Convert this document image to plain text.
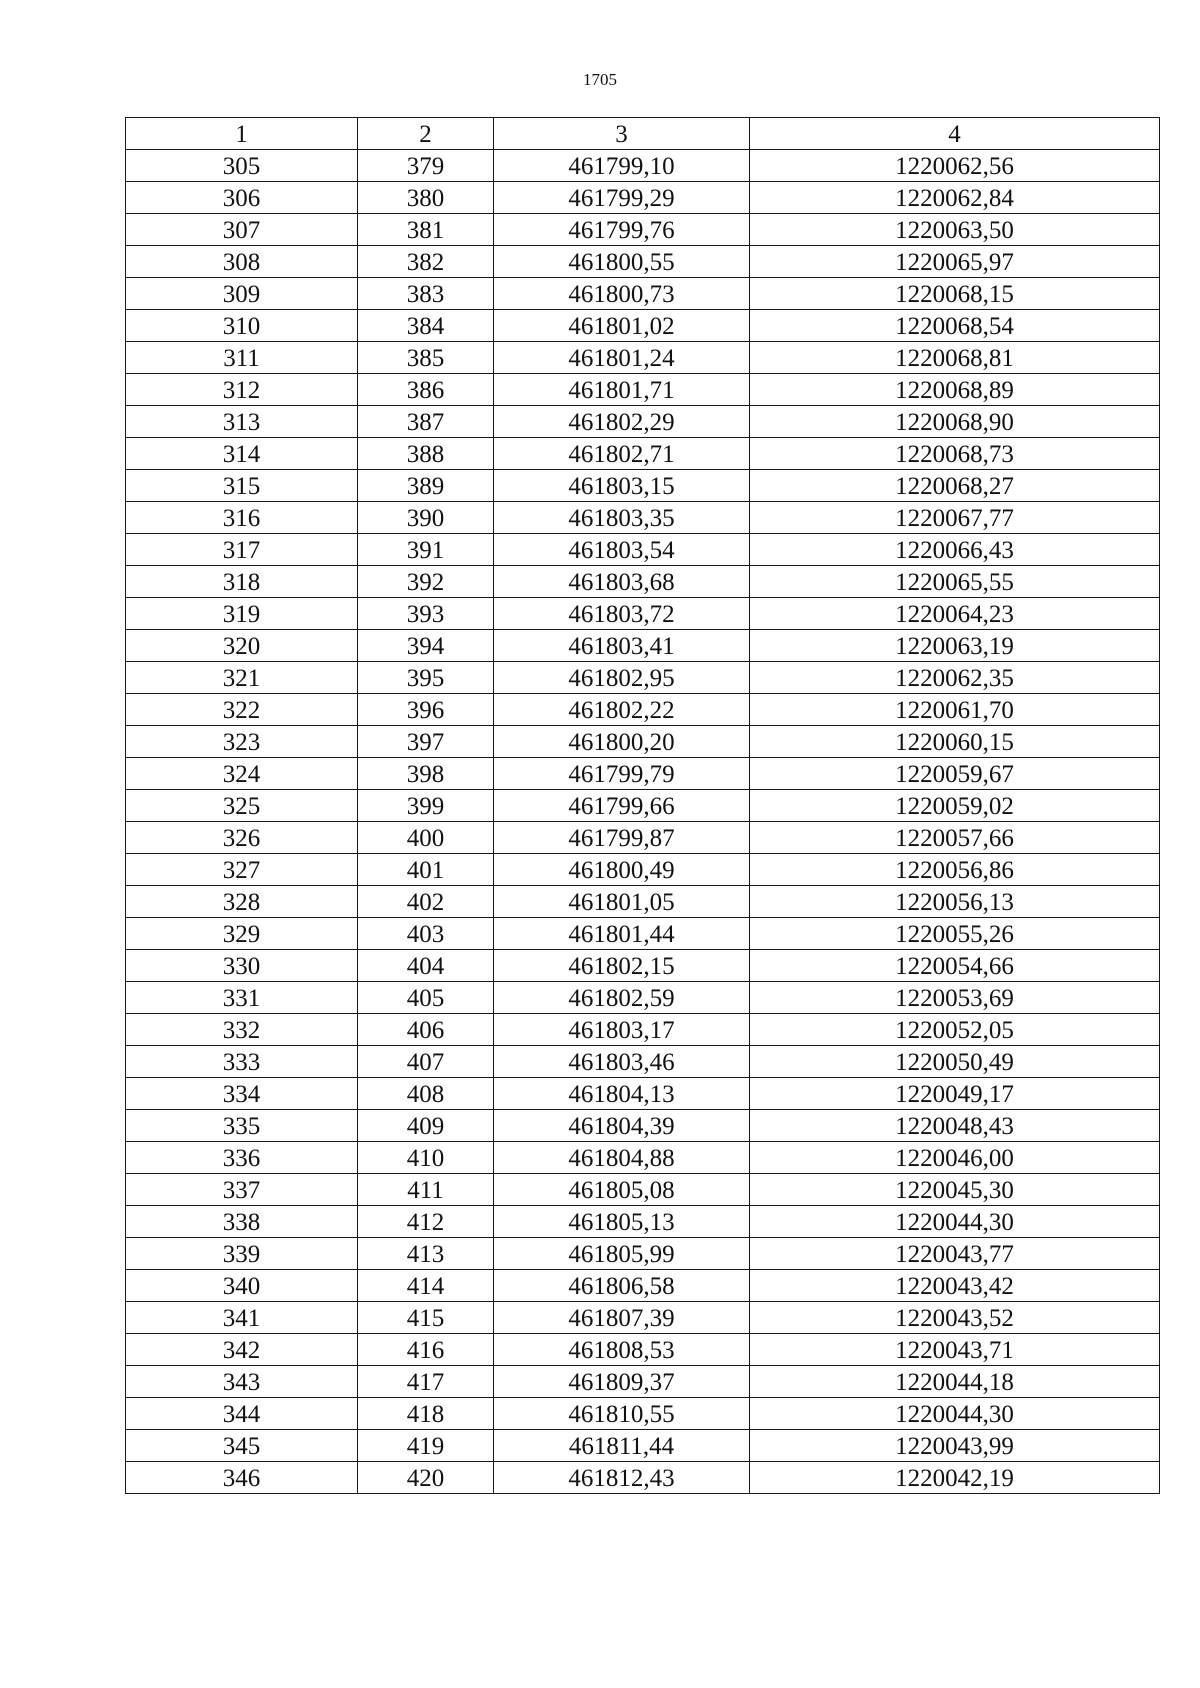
1705
1	2	3	4
305	379	461799,10	1220062,56
306	380	461799,29	1220062,84
307	381	461799,76	1220063,50
308	382	461800,55	1220065,97
309	383	461800,73	1220068,15
310	384	461801,02	1220068,54
311	385	461801,24	1220068,81
312	386	461801,71	1220068,89
313	387	461802,29	1220068,90
314	388	461802,71	1220068,73
315	389	461803,15	1220068,27
316	390	461803,35	1220067,77
317	391	461803,54	1220066,43
318	392	461803,68	1220065,55
319	393	461803,72	1220064,23
320	394	461803,41	1220063,19
321	395	461802,95	1220062,35
322	396	461802,22	1220061,70
323	397	461800,20	1220060,15
324	398	461799,79	1220059,67
325	399	461799,66	1220059,02
326	400	461799,87	1220057,66
327	401	461800,49	1220056,86
328	402	461801,05	1220056,13
329	403	461801,44	1220055,26
330	404	461802,15	1220054,66
331	405	461802,59	1220053,69
332	406	461803,17	1220052,05
333	407	461803,46	1220050,49
334	408	461804,13	1220049,17
335	409	461804,39	1220048,43
336	410	461804,88	1220046,00
337	411	461805,08	1220045,30
338	412	461805,13	1220044,30
339	413	461805,99	1220043,77
340	414	461806,58	1220043,42
341	415	461807,39	1220043,52
342	416	461808,53	1220043,71
343	417	461809,37	1220044,18
344	418	461810,55	1220044,30
345	419	461811,44	1220043,99
346	420	461812,43	1220042,19
